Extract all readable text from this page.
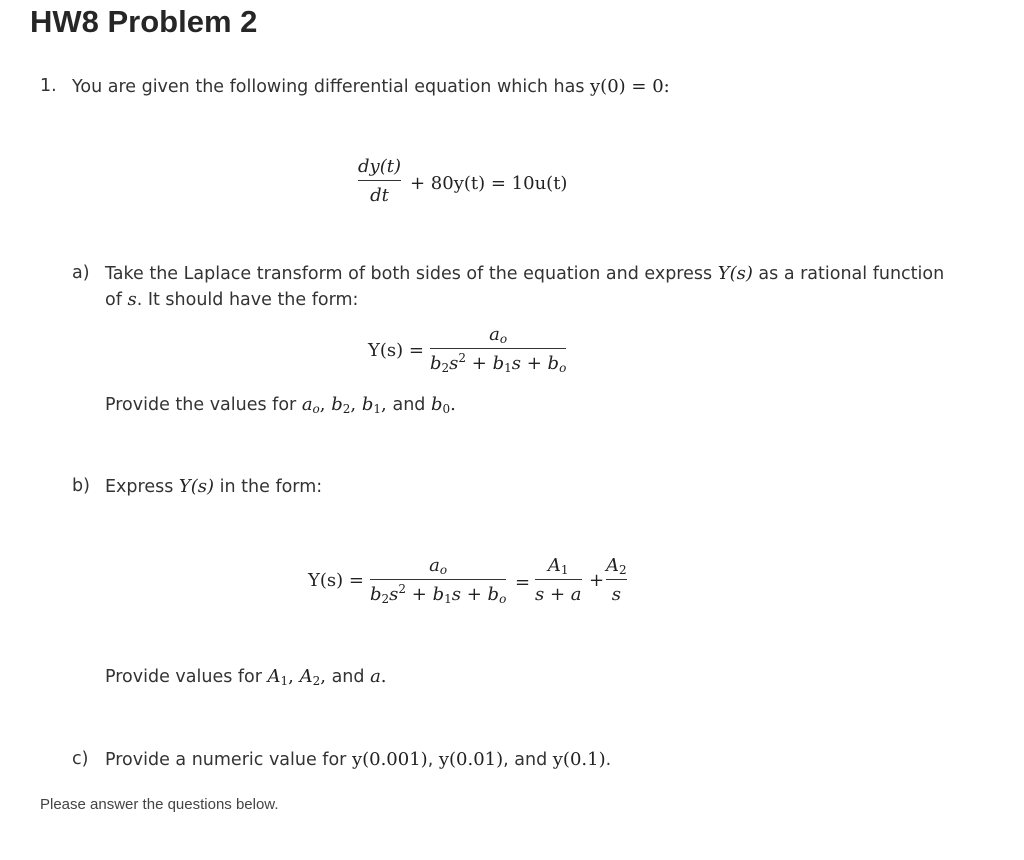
HW8 Problem 2
1. You are given the following differential equation which has y(0) = 0:
dy(t)
dt
+ 80y(t) = 10u(t)
a) Take the Laplace transform of both sides of the equation and express Y(s) as a rational function
of s. It should have the form:
Y(s) =
$a_o$
$b_2s^2 + b_1s + b_o$
Provide the values for $a_o$, $b_2$, $b_1$, and $b_0$.
b) Express Y(s) in the form:
Y(s) =
$a_o$
$b_2s^2 + b_1s + b_o$
=
$A_1$
s + a
+
$A_2$
s
Provide values for $A_1$, $A_2$, and a.
c) Provide a numeric value for y(0.001), y(0.01), and y(0.1).
Please answer the questions below.
